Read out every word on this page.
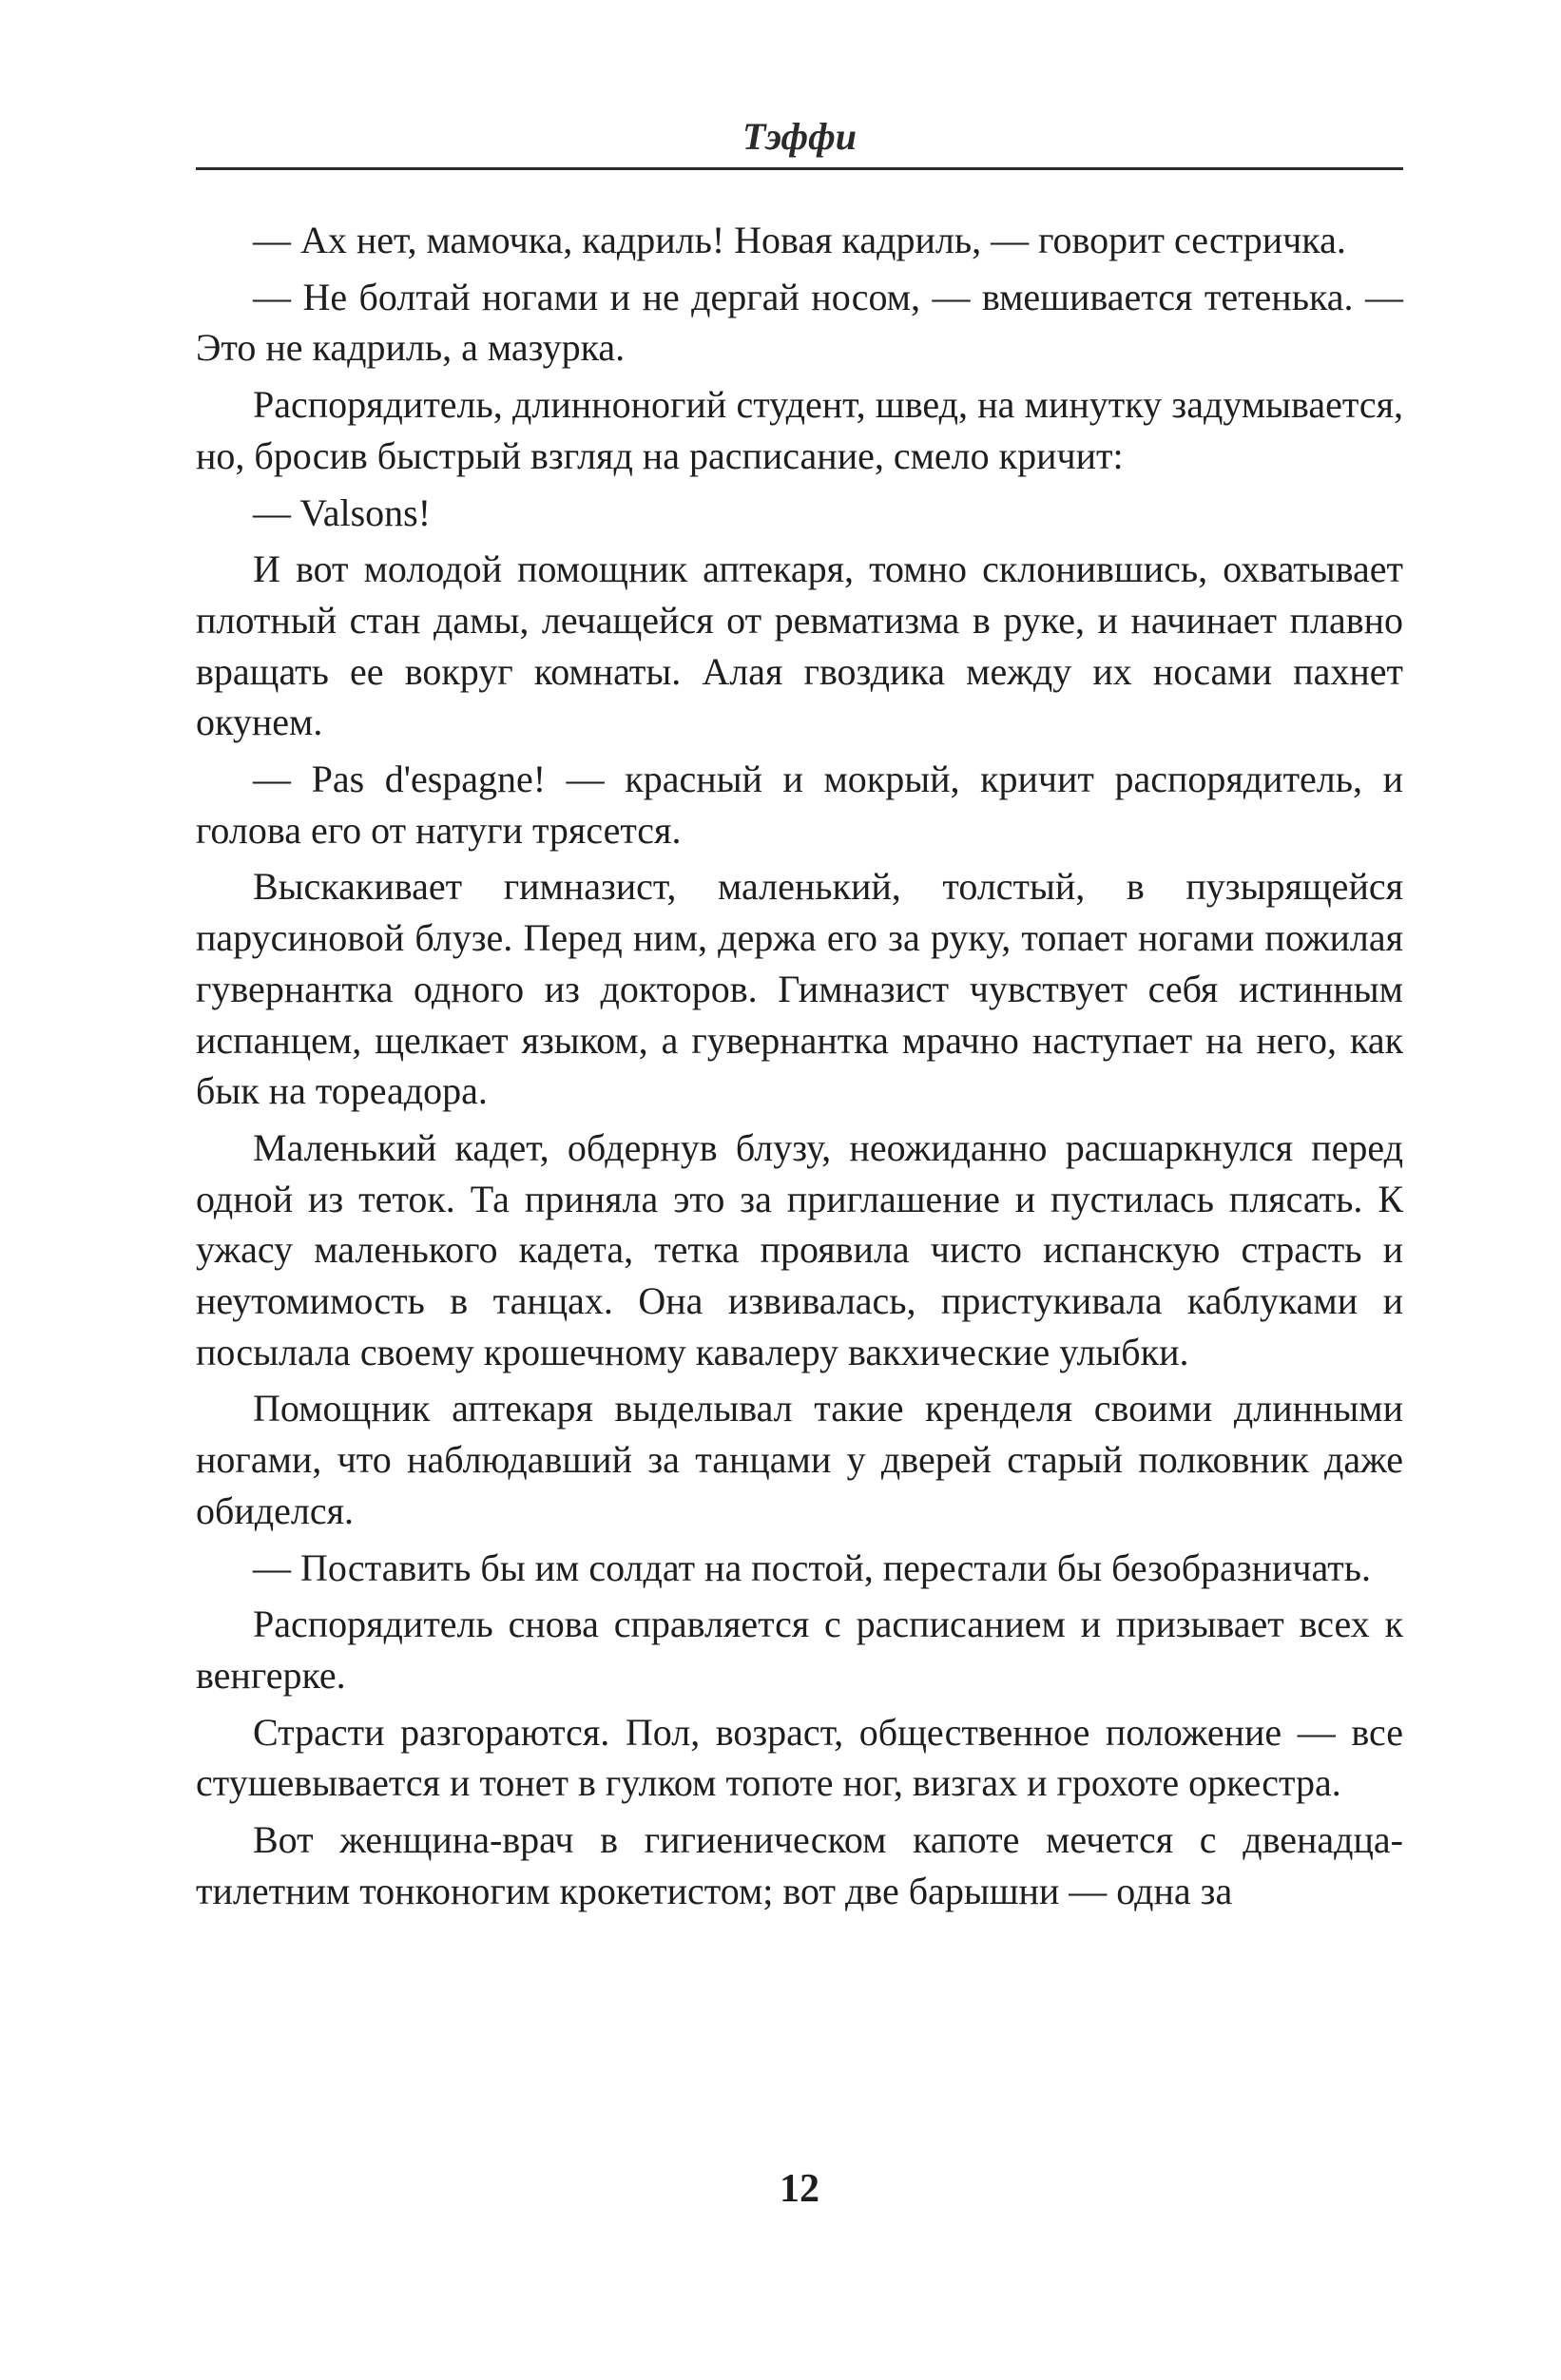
Тэффи

— Ах нет, мамочка, кадриль! Новая кадриль, — говорит сестричка.

— Не болтай ногами и не дергай носом, — вмешивается тетенька. — Это не кадриль, а мазурка.

Распорядитель, длинноногий студент, швед, на минутку задумывается, но, бросив быстрый взгляд на расписание, смело кричит:

— Valsons!

И вот молодой помощник аптекаря, томно склонившись, охватывает плотный стан дамы, лечащейся от ревматизма в руке, и начинает плавно вращать ее вокруг комнаты. Алая гвоздика между их носами пахнет окунем.

— Pas d'espagne! — красный и мокрый, кричит распорядитель, и голова его от натуги трясется.

Выскакивает гимназист, маленький, толстый, в пузырящейся парусиновой блузе. Перед ним, держа его за руку, топает ногами пожилая гувернантка одного из докторов. Гимназист чувствует себя истинным испанцем, щелкает языком, а гувернантка мрачно наступает на него, как бык на тореадора.

Маленький кадет, обдернув блузу, неожиданно расшаркнулся перед одной из теток. Та приняла это за приглашение и пустилась плясать. К ужасу маленького кадета, тетка проявила чисто испанскую страсть и неутомимость в танцах. Она извивалась, пристукивала каблуками и посылала своему крошечному кавалеру вакхические улыбки.

Помощник аптекаря выделывал такие кренделя своими длинными ногами, что наблюдавший за танцами у дверей старый полковник даже обиделся.

— Поставить бы им солдат на постой, перестали бы безобразничать.

Распорядитель снова справляется с расписанием и призывает всех к венгерке.

Страсти разгораются. Пол, возраст, общественное положение — все стушевывается и тонет в гулком топоте ног, визгах и грохоте оркестра.

Вот женщина-врач в гигиеническом капоте мечется с двенадцатилетним тонконогим крокетистом; вот две барышни — одна за

12
